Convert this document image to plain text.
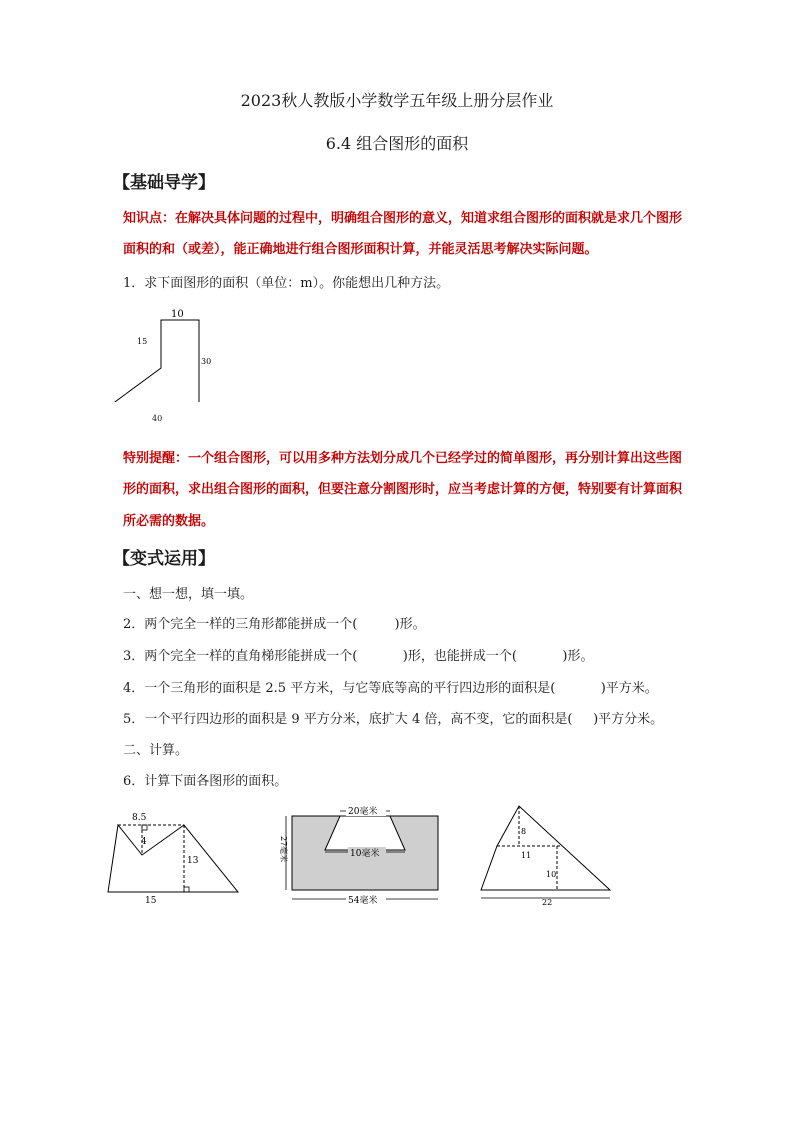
2023秋人教版小学数学五年级上册分层作业
6.4 组合图形的面积
【基础导学】
知识点：在解决具体问题的过程中，明确组合图形的意义，知道求组合图形的面积就是求几个图形
面积的和（或差），能正确地进行组合图形面积计算，并能灵活思考解决实际问题。
1．求下面图形的面积（单位：m）。你能想出几种方法。
10
15
30
40
特别提醒：一个组合图形，可以用多种方法划分成几个已经学过的简单图形，再分别计算出这些图
形的面积，求出组合图形的面积，但要注意分割图形时，应当考虑计算的方便，特别要有计算面积
所必需的数据。
【变式运用】
一、想一想，填一填。
2．两个完全一样的三角形都能拼成一个(         )形。
3．两个完全一样的直角梯形能拼成一个(           )形，也能拼成一个(           )形。
4．一个三角形的面积是 2.5 平方米，与它等底等高的平行四边形的面积是(           )平方米。
5．一个平行四边形的面积是 9 平方分米，底扩大 4 倍，高不变，它的面积是(     )平方分米。
二、计算。
6．计算下面各图形的面积。
8.5
4
13
15
20毫米
10毫米
54毫米
27毫米
8
11
10
22
